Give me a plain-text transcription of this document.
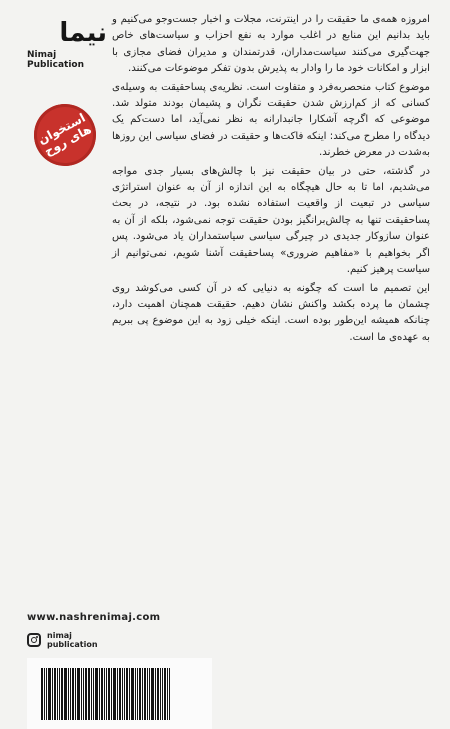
نیما
Nimaj
Publication
استخوان های روح

امروزه همه‌ی ما حقیقت را در اینترنت، مجلات و اخبار جست‌وجو می‌کنیم و باید بدانیم این منابع در اغلب موارد به نفع احزاب و سیاست‌های خاص جهت‌گیری می‌کنند سیاست‌مداران، قدرتمندان و مدیران فضای مجازی با ابزار و امکانات خود ما را وادار به پذیرش بدون تفکر موضوعات می‌کنند.

موضوع کتاب منحصربه‌فرد و متفاوت است. نظریه‌ی پساحقیقت به وسیله‌ی کسانی که از کم‌ارزش شدن حقیقت نگران و پشیمان بودند متولد شد. موضوعی که اگرچه آشکارا جانبدارانه به نظر نمی‌آید، اما دست‌کم یک دیدگاه را مطرح می‌کند: اینکه فاکت‌ها و حقیقت در فضای سیاسی این روزها به‌شدت در معرض خطرند.

در گذشته، حتی در بیان حقیقت نیز با چالش‌های بسیار جدی مواجه می‌شدیم، اما تا به حال هیچگاه به این اندازه از آن به عنوان استراتژی سیاسی در تبعیت از واقعیت استفاده نشده بود. در نتیجه، در بحث پساحقیقت تنها به چالش‌برانگیز بودن حقیقت توجه نمی‌شود، بلکه از آن به عنوان سازوکار جدیدی در چیرگی سیاسی سیاستمداران یاد می‌شود. پس اگر بخواهیم با «مفاهیم ضروری» پساحقیقت آشنا شویم، نمی‌توانیم از سیاست پرهیز کنیم.

این تصمیم ما است که چگونه به دنیایی که در آن کسی می‌کوشد روی چشمان ما پرده بکشد واکنش نشان دهیم. حقیقت همچنان اهمیت دارد، چنانکه همیشه این‌طور بوده است. اینکه خیلی زود به این موضوع پی ببریم به عهده‌ی ما است.

www.nashrenimaj.com
nimaj
publication
